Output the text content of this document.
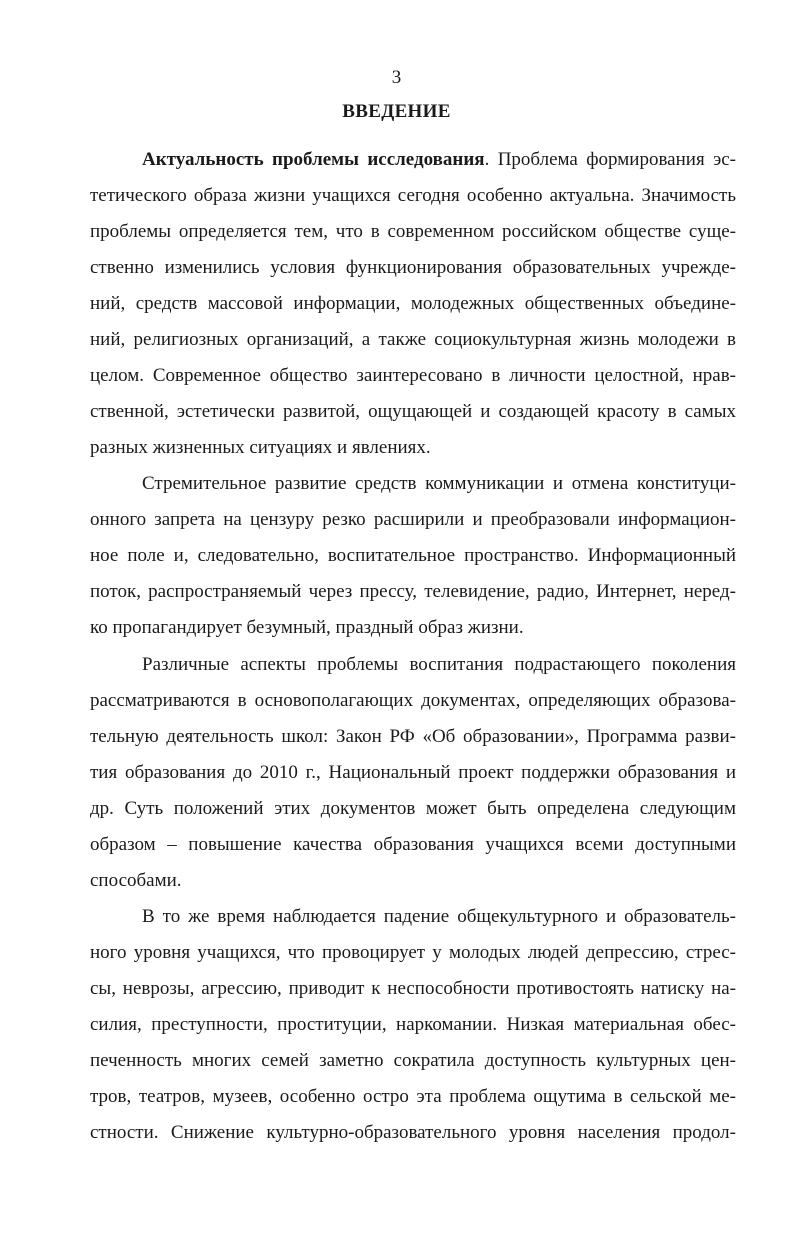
3
ВВЕДЕНИЕ
Актуальность проблемы исследования. Проблема формирования эс-
тетического образа жизни учащихся сегодня особенно актуальна. Значимость
проблемы определяется тем, что в современном российском обществе суще-
ственно изменились условия функционирования образовательных учрежде-
ний, средств массовой информации, молодежных общественных объедине-
ний, религиозных организаций, а также социокультурная жизнь молодежи в
целом. Современное общество заинтересовано в личности целостной, нрав-
ственной, эстетически развитой, ощущающей и создающей красоту в самых
разных жизненных ситуациях и явлениях.
Стремительное развитие средств коммуникации и отмена конституци-
онного запрета на цензуру резко расширили и преобразовали информацион-
ное поле и, следовательно, воспитательное пространство. Информационный
поток, распространяемый через прессу, телевидение, радио, Интернет, неред-
ко пропагандирует безумный, праздный образ жизни.
Различные аспекты проблемы воспитания подрастающего поколения
рассматриваются в основополагающих документах, определяющих образова-
тельную деятельность школ: Закон РФ «Об образовании», Программа разви-
тия образования до 2010 г., Национальный проект поддержки образования и
др. Суть положений этих документов может быть определена следующим
образом – повышение качества образования учащихся всеми доступными
способами.
В то же время наблюдается падение общекультурного и образователь-
ного уровня учащихся, что провоцирует у молодых людей депрессию, стрес-
сы, неврозы, агрессию, приводит к неспособности противостоять натиску на-
силия, преступности, проституции, наркомании. Низкая материальная обес-
печенность многих семей заметно сократила доступность культурных цен-
тров, театров, музеев, особенно остро эта проблема ощутима в сельской ме-
стности. Снижение культурно-образовательного уровня населения продол-
